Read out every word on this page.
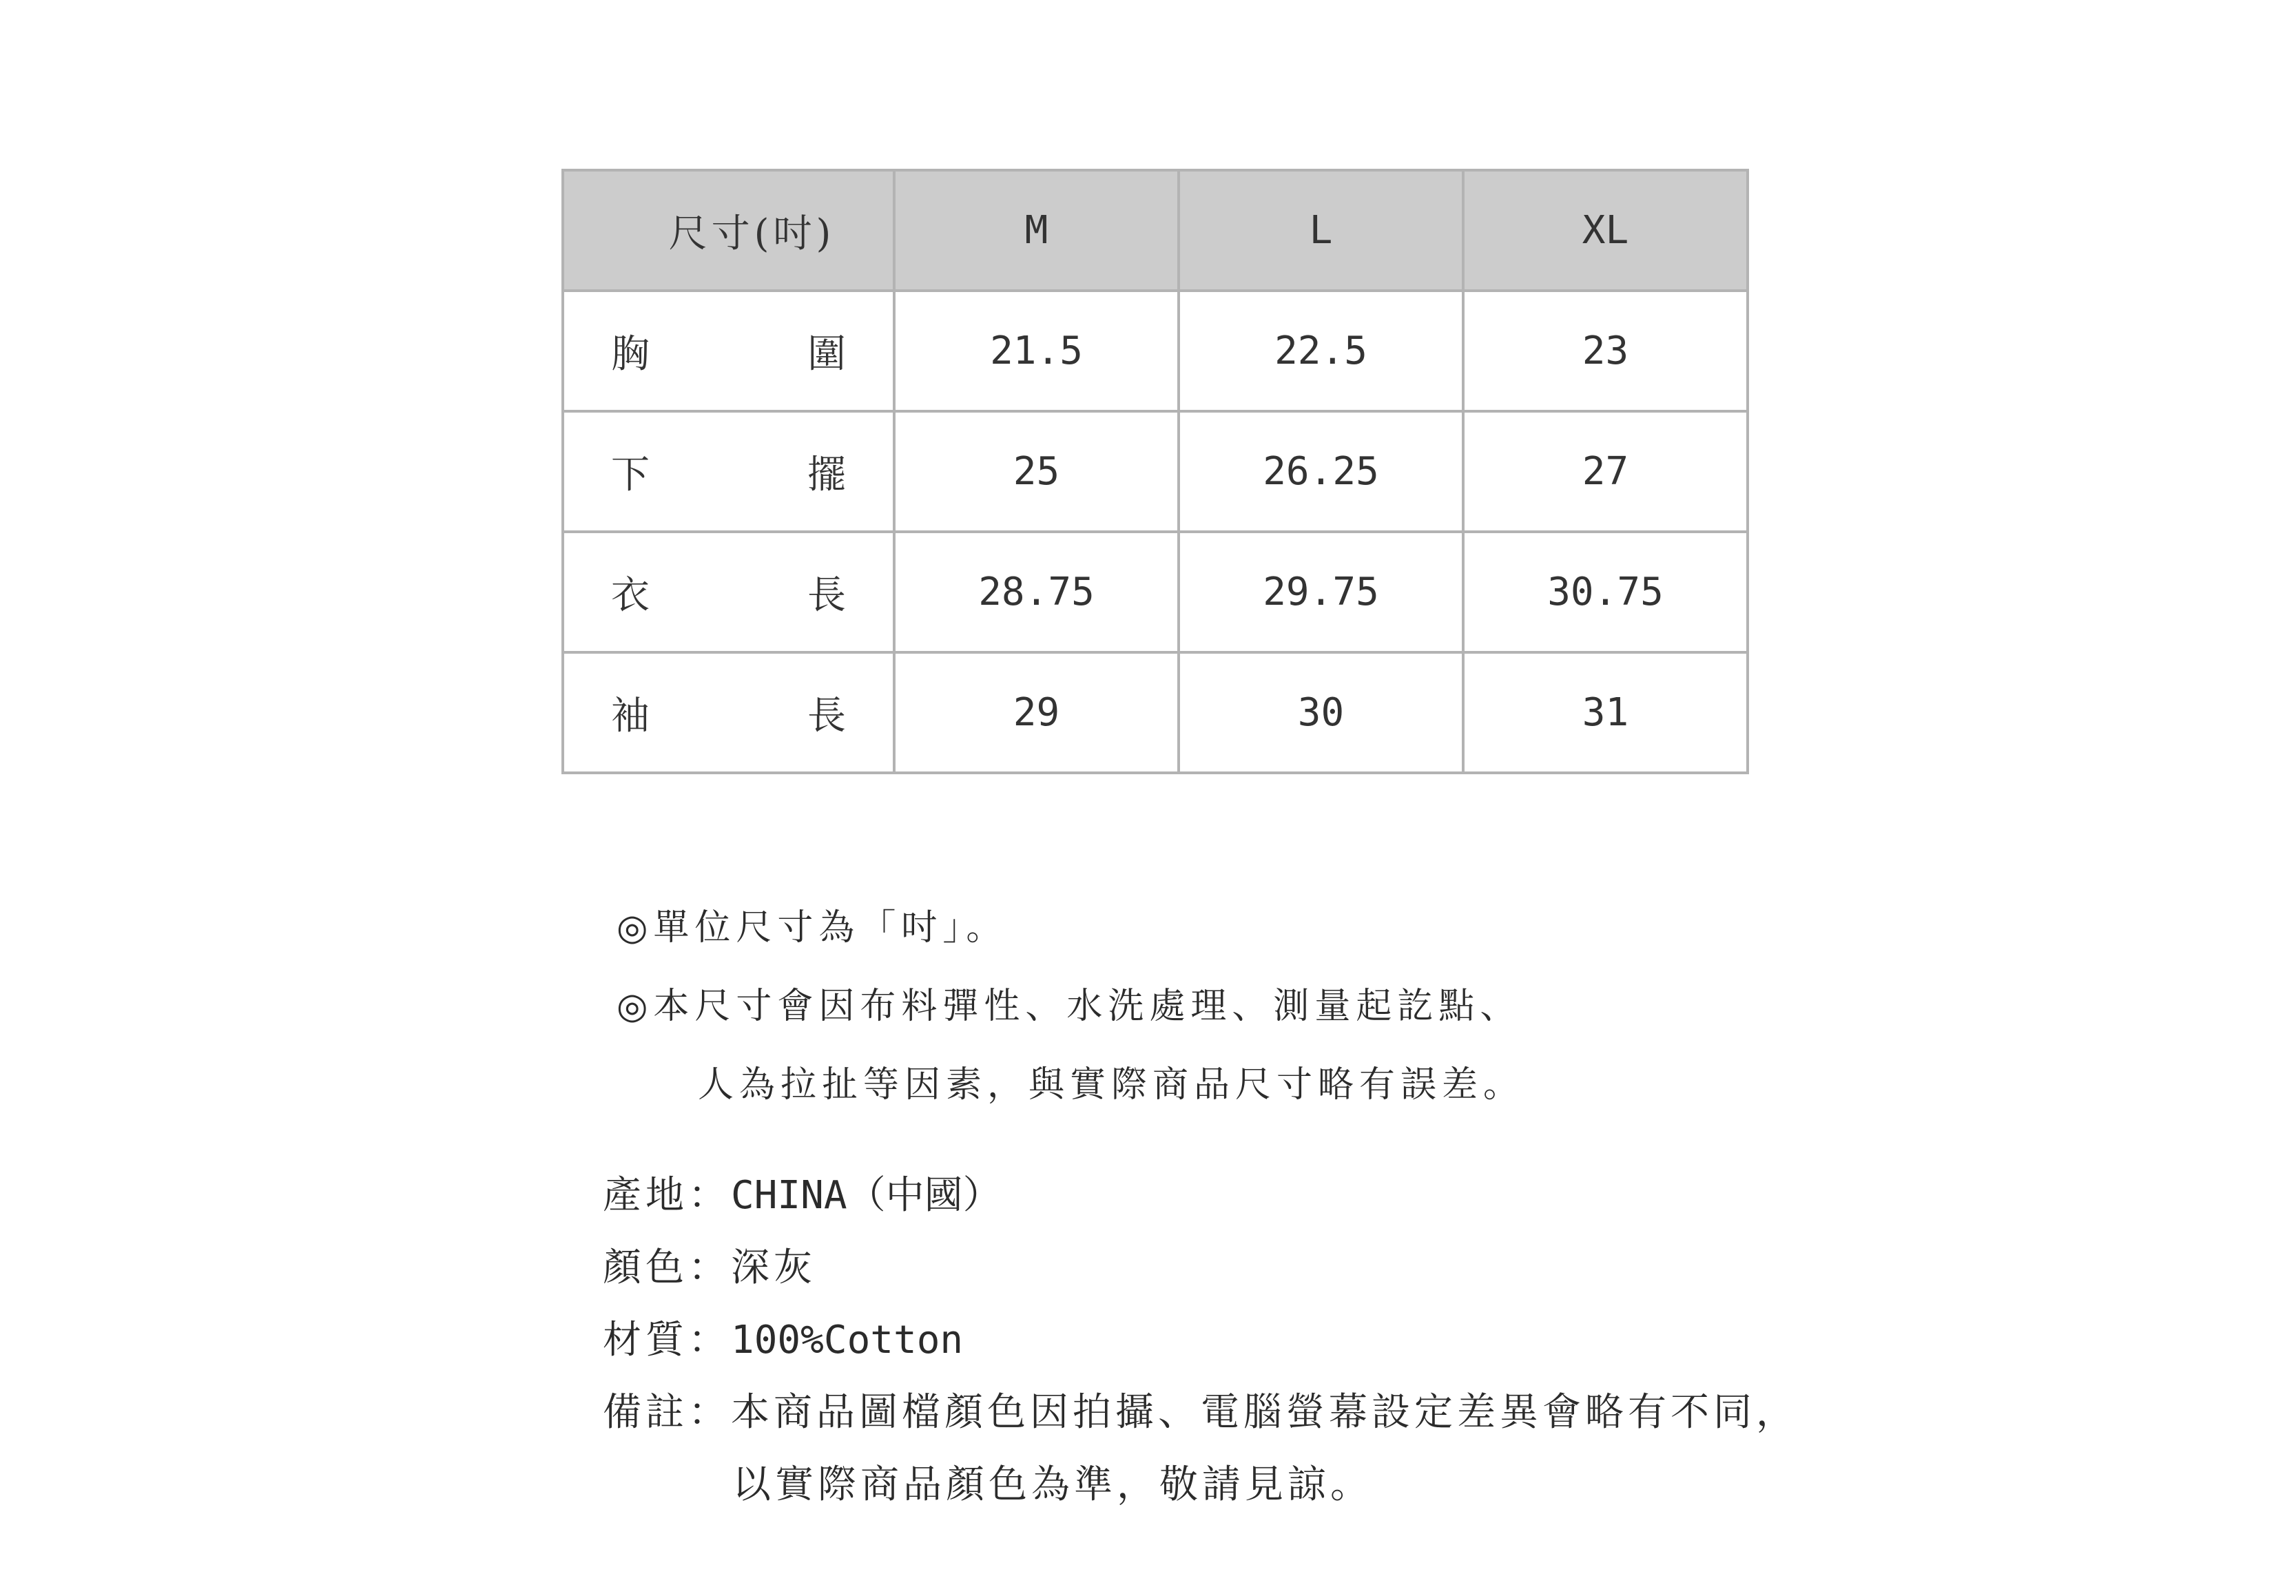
尺寸(吋)	M	L	XL

胸 圍	21.5	22.5	23

下 擺	25	26.25	27

衣 長	28.75	29.75	30.75

袖 長	29	30	31
◎單位尺寸為「吋」。
◎本尺寸會因布料彈性、水洗處理、測量起訖點、
人為拉扯等因素，與實際商品尺寸略有誤差。
產地： CHINA（中國）
顏色： 深灰
材質： 100%Cotton
備註： 本商品圖檔顏色因拍攝、電腦螢幕設定差異會略有不同，
以實際商品顏色為準，敬請見諒。
